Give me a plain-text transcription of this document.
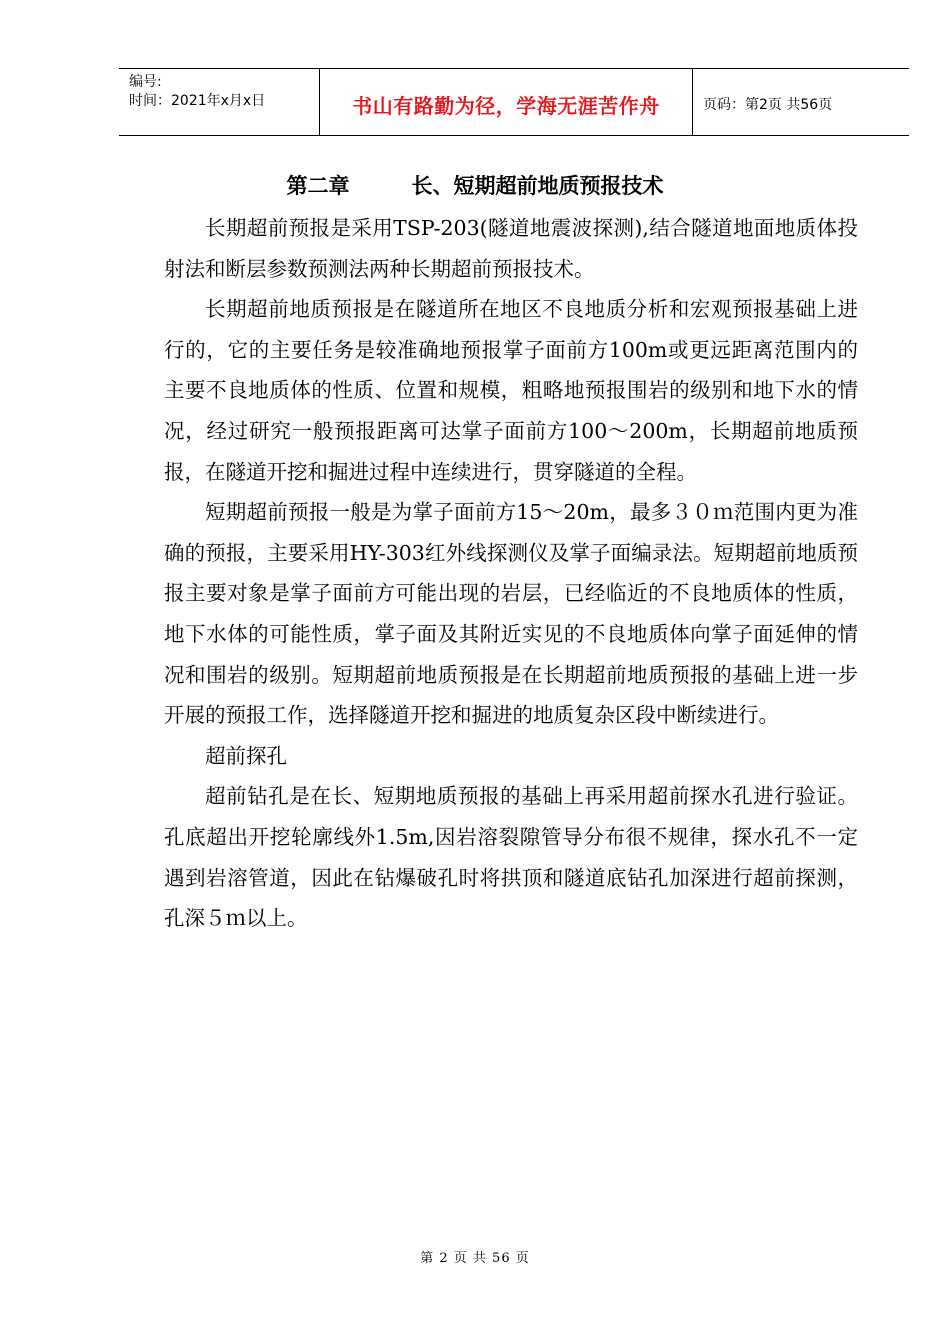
编号:
时间：2021年x月x日	书山有路勤为径，学海无涯苦作舟	页码：第2页 共56页
第二章	长、短期超前地质预报技术

长期超前预报是采用TSP-203(隧道地震波探测),结合隧道地面地质体投射法和断层参数预测法两种长期超前预报技术。

长期超前地质预报是在隧道所在地区不良地质分析和宏观预报基础上进行的，它的主要任务是较准确地预报掌子面前方100m或更远距离范围内的主要不良地质体的性质、位置和规模，粗略地预报围岩的级别和地下水的情况，经过研究一般预报距离可达掌子面前方100～200m，长期超前地质预报，在隧道开挖和掘进过程中连续进行，贯穿隧道的全程。

短期超前预报一般是为掌子面前方15～20m，最多３０ｍ范围内更为准确的预报，主要采用HY-303红外线探测仪及掌子面编录法。短期超前地质预报主要对象是掌子面前方可能出现的岩层，已经临近的不良地质体的性质，地下水体的可能性质，掌子面及其附近实见的不良地质体向掌子面延伸的情况和围岩的级别。短期超前地质预报是在长期超前地质预报的基础上进一步开展的预报工作，选择隧道开挖和掘进的地质复杂区段中断续进行。

超前探孔

超前钻孔是在长、短期地质预报的基础上再采用超前探水孔进行验证。孔底超出开挖轮廓线外1.5m,因岩溶裂隙管导分布很不规律，探水孔不一定遇到岩溶管道，因此在钻爆破孔时将拱顶和隧道底钻孔加深进行超前探测，孔深５ｍ以上。

第 2 页 共 56 页
